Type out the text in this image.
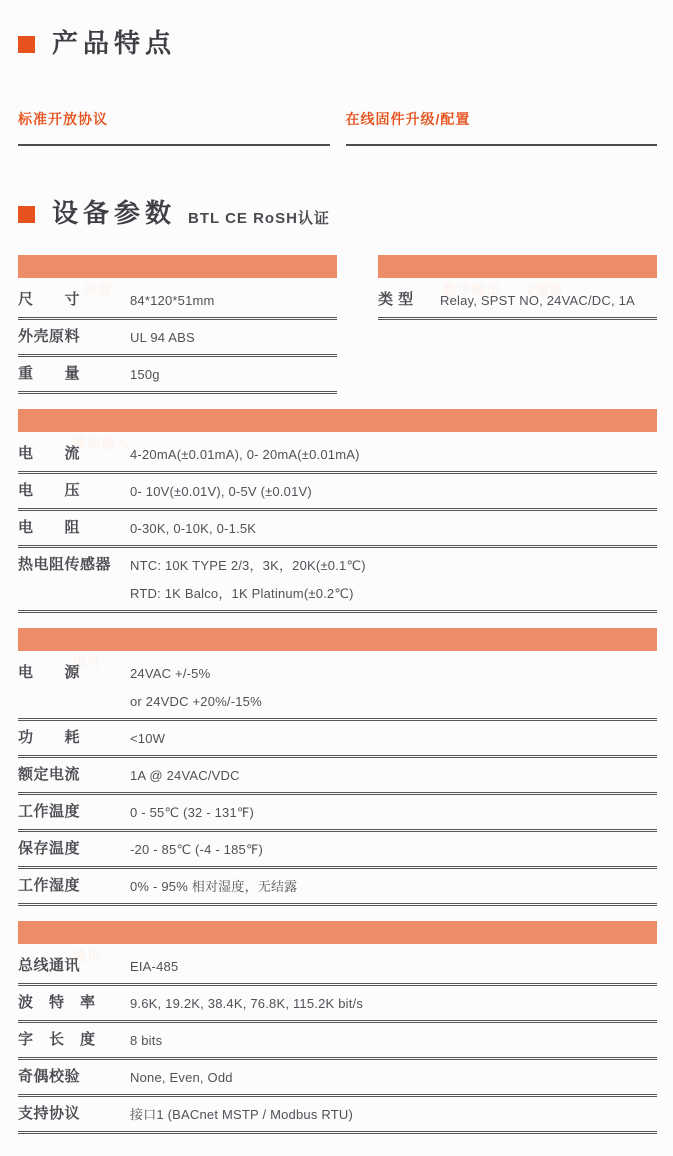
产品特点
标准开放协议	在线固件升级/配置
设备参数 BTL CE RoSH认证

外观

尺　　寸	84*120*51mm
外壳原料	UL 94 ABS
重　　量	150g

数字输出 2通道

类 型	Relay, SPST NO, 24VAC/DC, 1A

模拟输入

电　　流	4-20mA(±0.01mA), 0- 20mA(±0.01mA)
电　　压	0- 10V(±0.01V), 0-5V (±0.01V)
电　　阻	0-30K, 0-10K, 0-1.5K
热电阻传感器	NTC: 10K TYPE 2/3，3K，20K(±0.1℃)
RTD: 1K Balco，1K Platinum(±0.2℃)

电气

电　　源	24VAC +/-5%
or 24VDC +20%/-15%
功　　耗	<10W
额定电流	1A @ 24VAC/VDC
工作温度	0 - 55℃ (32 - 131℉)
保存温度	-20 - 85℃ (-4 - 185℉)
工作湿度	0% - 95% 相对湿度，无结露

通讯

总线通讯	EIA-485
波　特　率	9.6K, 19.2K, 38.4K, 76.8K, 115.2K bit/s
字　长　度	8 bits
奇偶校验	None, Even, Odd
支持协议	接口1 (BACnet MSTP / Modbus RTU)
